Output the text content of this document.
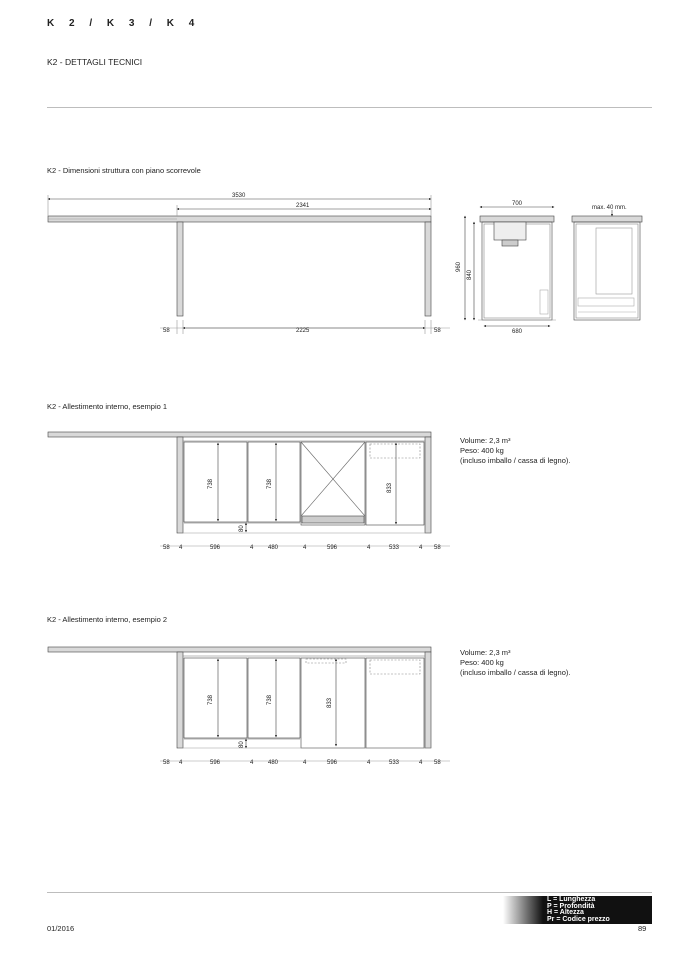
K 2 / K 3 / K 4
K2 - DETTAGLI TECNICI
K2 - Dimensioni struttura con piano scorrevole
K2 - Allestimento interno, esempio 1
K2 - Allestimento interno, esempio 2
Volume: 2,3 m³
Peso: 400 kg
(incluso imballo / cassa di legno).
Volume: 2,3 m³
Peso: 400 kg
(incluso imballo / cassa di legno).
3530
2341
58	2225	58
700
960
840
680
max. 40 mm.
738	738	833
80
58 4	596	4 480	4	596	4	533	4 58
738	738	833
80
58 4	596	4 480	4	596	4	533	4 58
L = Lunghezza
P = Profondità
H = Altezza
Pr = Codice prezzo
01/2016	89
